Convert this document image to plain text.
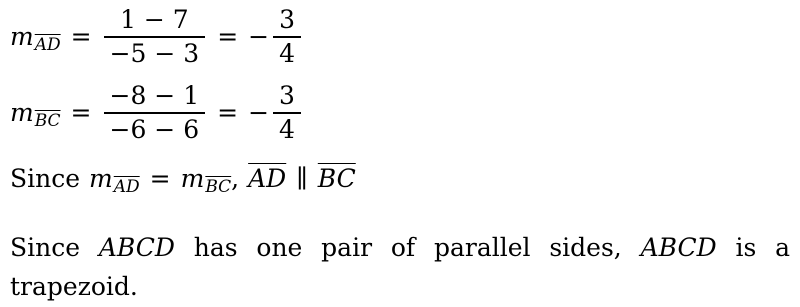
m $\overline{AD} = \frac{1 - 7}{-5 - 3}$ = − $\frac{3}{4}$
m $\overline{BC} = \frac{-8 - 1}{-6 - 6}$ = − $\frac{3}{4}$
Since m $\overline{AD} = m$ $\overline{BC}$ , $\overline{AD}$ ∥ $\overline{BC}$
Since ABCD has one pair of parallel sides, ABCD is a trapezoid.
